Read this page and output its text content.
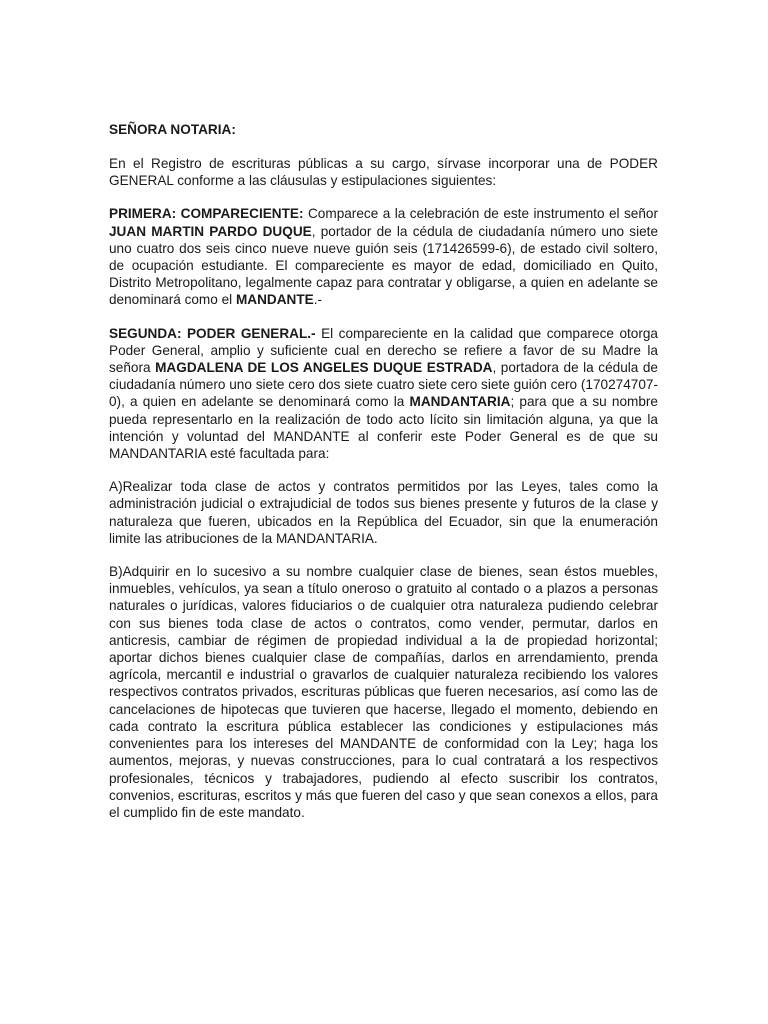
SEÑORA NOTARIA:

En el Registro de escrituras públicas a su cargo, sírvase incorporar una de PODER GENERAL conforme a las cláusulas y estipulaciones siguientes:

PRIMERA: COMPARECIENTE: Comparece a la celebración de este instrumento el señor JUAN MARTIN PARDO DUQUE, portador de la cédula de ciudadanía número uno siete uno cuatro dos seis cinco nueve nueve guión seis (171426599-6), de estado civil soltero, de ocupación estudiante. El compareciente es mayor de edad, domiciliado en Quito, Distrito Metropolitano, legalmente capaz para contratar y obligarse, a quien en adelante se denominará como el MANDANTE.-

SEGUNDA: PODER GENERAL.- El compareciente en la calidad que comparece otorga Poder General, amplio y suficiente cual en derecho se refiere a favor de su Madre la señora MAGDALENA DE LOS ANGELES DUQUE ESTRADA, portadora de la cédula de ciudadanía número uno siete cero dos siete cuatro siete cero siete guión cero (170274707-0), a quien en adelante se denominará como la MANDANTARIA; para que a su nombre pueda representarlo en la realización de todo acto lícito sin limitación alguna, ya que la intención y voluntad del MANDANTE al conferir este Poder General es de que su MANDANTARIA esté facultada para:

A)Realizar toda clase de actos y contratos permitidos por las Leyes, tales como la administración judicial o extrajudicial de todos sus bienes presente y futuros de la clase y naturaleza que fueren, ubicados en la República del Ecuador, sin que la enumeración limite las atribuciones de la MANDANTARIA.

B)Adquirir en lo sucesivo a su nombre cualquier clase de bienes, sean éstos muebles, inmuebles, vehículos, ya sean a título oneroso o gratuito al contado o a plazos a personas naturales o jurídicas, valores fiduciarios o de cualquier otra naturaleza pudiendo celebrar con sus bienes toda clase de actos o contratos, como vender, permutar, darlos en anticresis, cambiar de régimen de propiedad individual a la de propiedad horizontal; aportar dichos bienes cualquier clase de compañías, darlos en arrendamiento, prenda agrícola, mercantil e industrial o gravarlos de cualquier naturaleza recibiendo los valores respectivos contratos privados, escrituras públicas que fueren necesarios, así como las de cancelaciones de hipotecas que tuvieren que hacerse, llegado el momento, debiendo en cada contrato la escritura pública establecer las condiciones y estipulaciones más convenientes para los intereses del MANDANTE de conformidad con la Ley; haga los aumentos, mejoras, y nuevas construcciones, para lo cual contratará a los respectivos profesionales, técnicos y trabajadores, pudiendo al efecto suscribir los contratos, convenios, escrituras, escritos y más que fueren del caso y que sean conexos a ellos, para el cumplido fin de este mandato.
